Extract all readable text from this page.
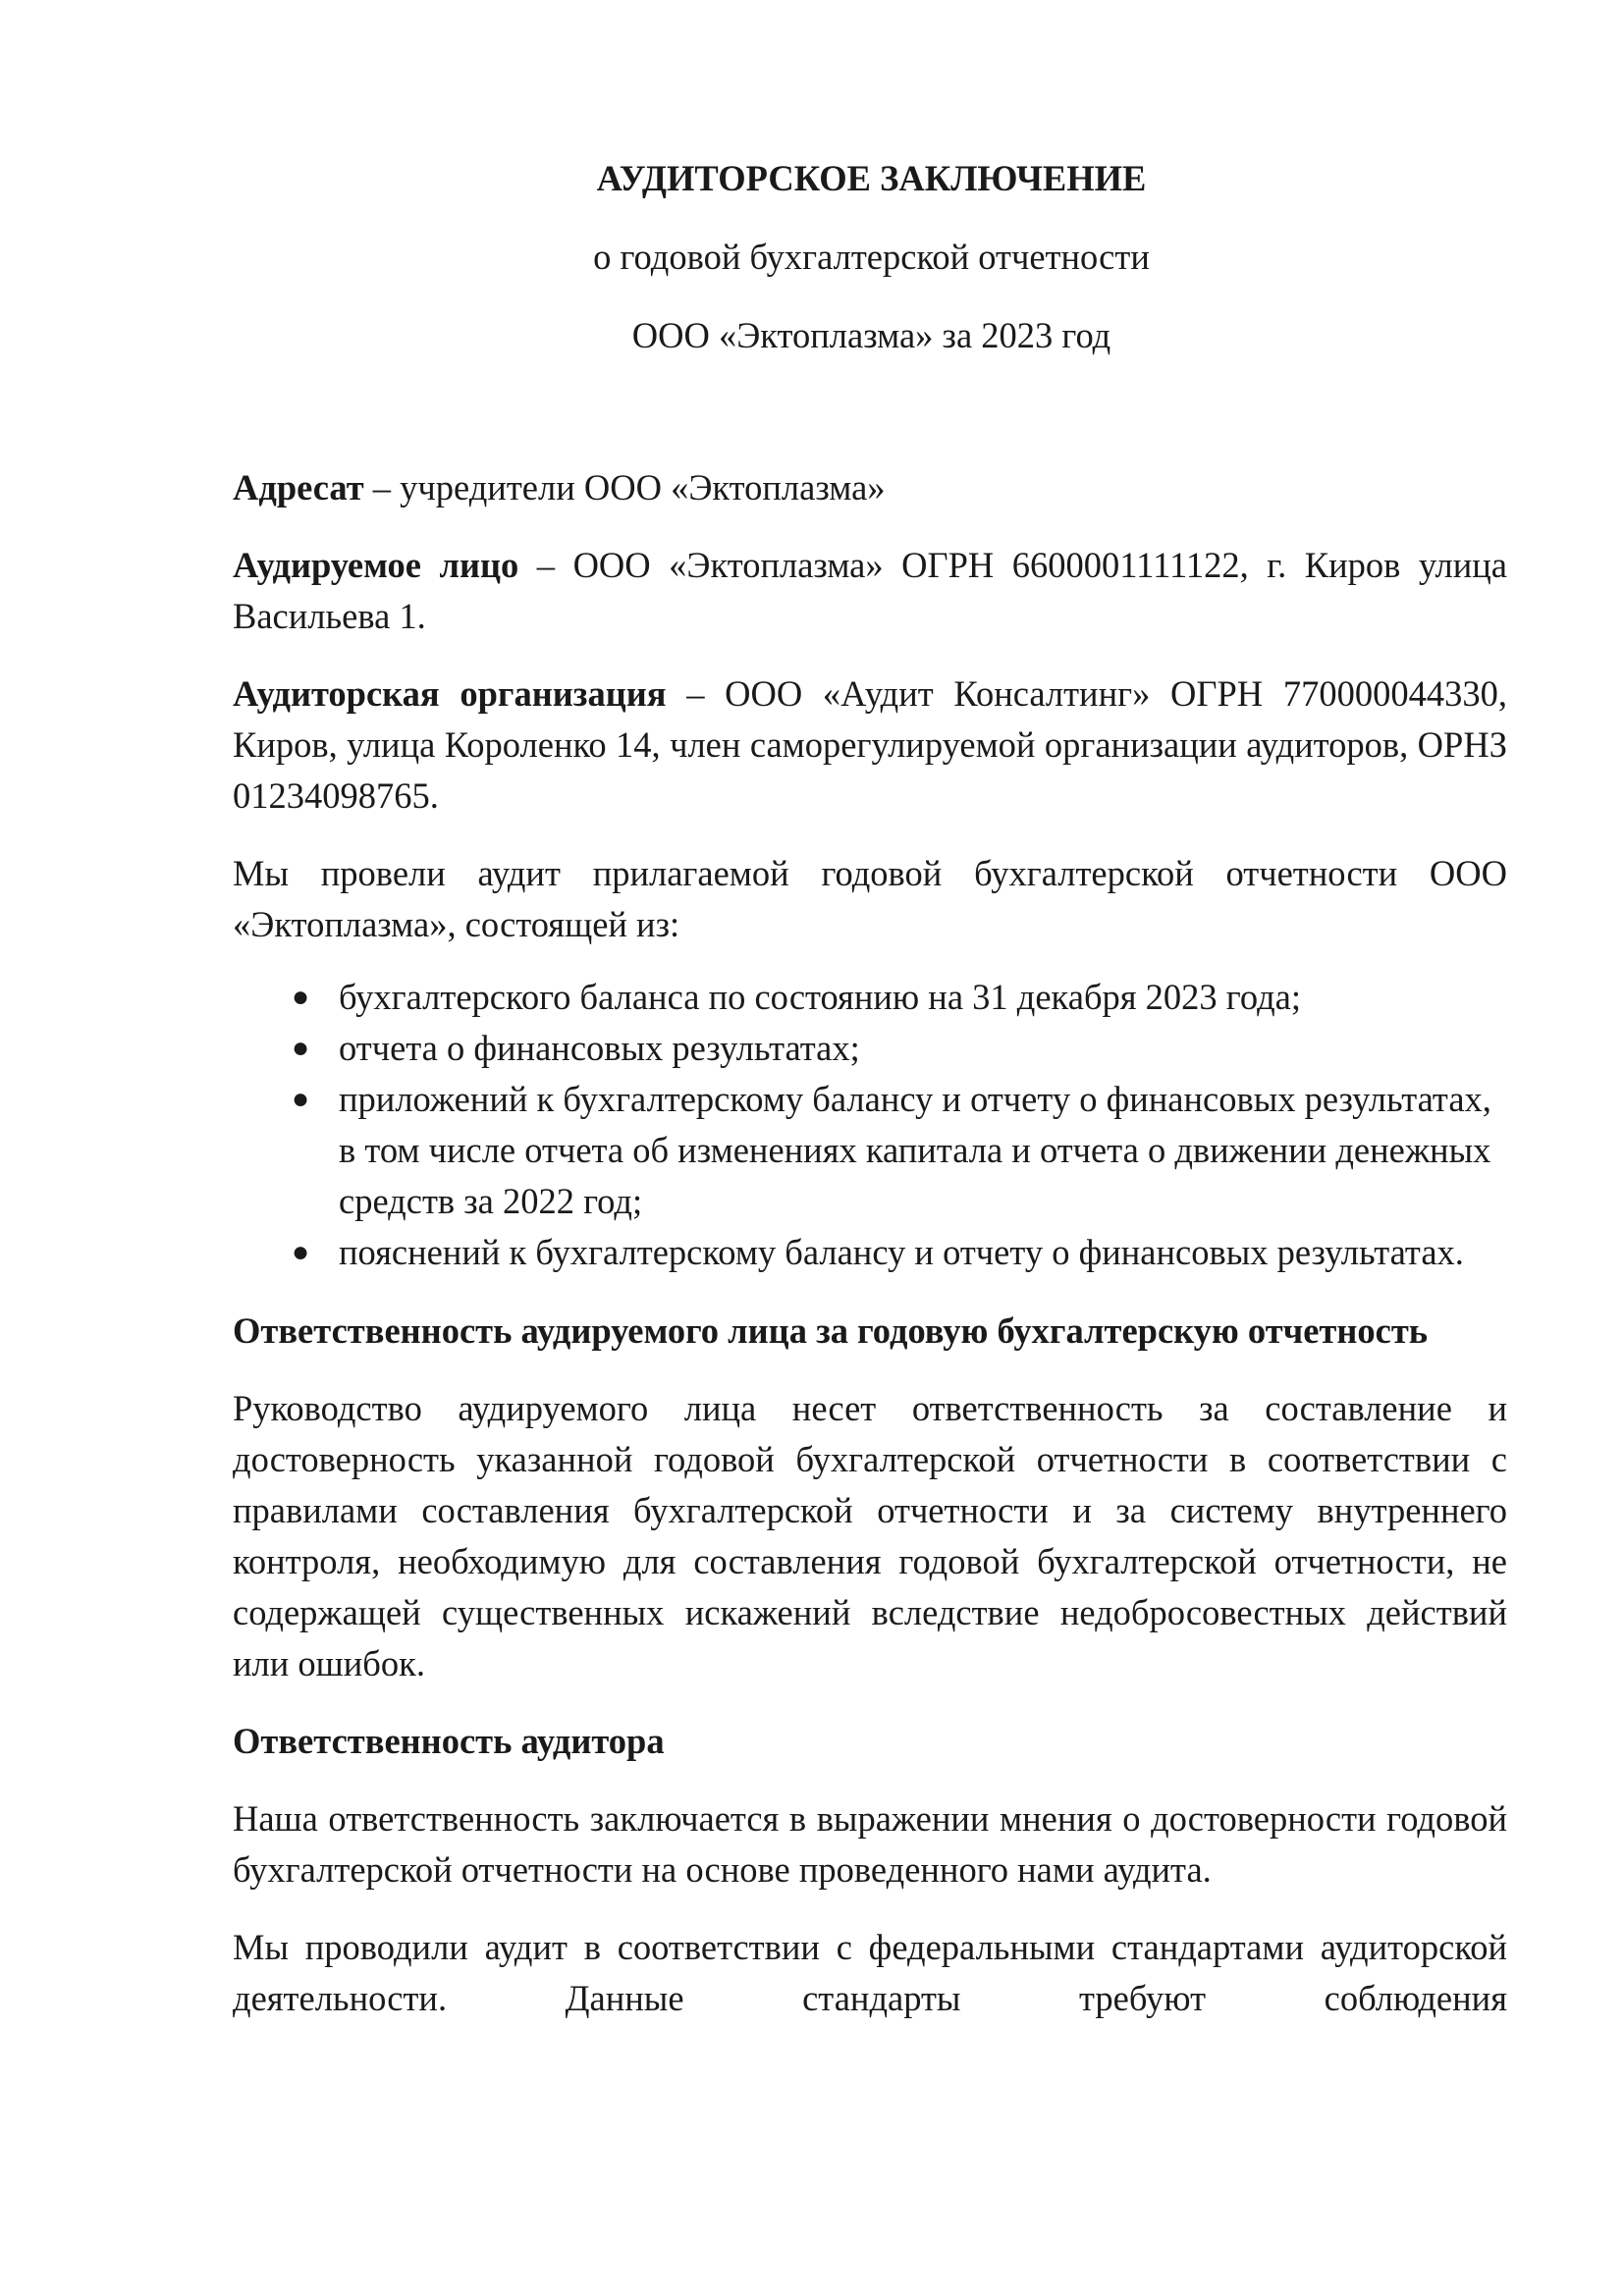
АУДИТОРСКОЕ ЗАКЛЮЧЕНИЕ
о годовой бухгалтерской отчетности
ООО «Эктоплазма» за 2023 год

Адресат – учредители ООО «Эктоплазма»

Аудируемое лицо – ООО «Эктоплазма» ОГРН 6600001111122, г. Киров улица Васильева 1.

Аудиторская организация – ООО «Аудит Консалтинг» ОГРН 770000044330, Киров, улица Короленко 14, член саморегулируемой организации аудиторов, ОРНЗ 01234098765.

Мы провели аудит прилагаемой годовой бухгалтерской отчетности ООО «Эктоплазма», состоящей из:

● бухгалтерского баланса по состоянию на 31 декабря 2023 года;
● отчета о финансовых результатах;
● приложений к бухгалтерскому балансу и отчету о финансовых результатах, в том числе отчета об изменениях капитала и отчета о движении денежных средств за 2022 год;
● пояснений к бухгалтерскому балансу и отчету о финансовых результатах.
Ответственность аудируемого лица за годовую бухгалтерскую отчетность

Руководство аудируемого лица несет ответственность за составление и достоверность указанной годовой бухгалтерской отчетности в соответствии с правилами составления бухгалтерской отчетности и за систему внутреннего контроля, необходимую для составления годовой бухгалтерской отчетности, не содержащей существенных искажений вследствие недобросовестных действий или ошибок.

Ответственность аудитора

Наша ответственность заключается в выражении мнения о достоверности годовой бухгалтерской отчетности на основе проведенного нами аудита.

Мы проводили аудит в соответствии с федеральными стандартами аудиторской деятельности. Данные стандарты требуют соблюдения
